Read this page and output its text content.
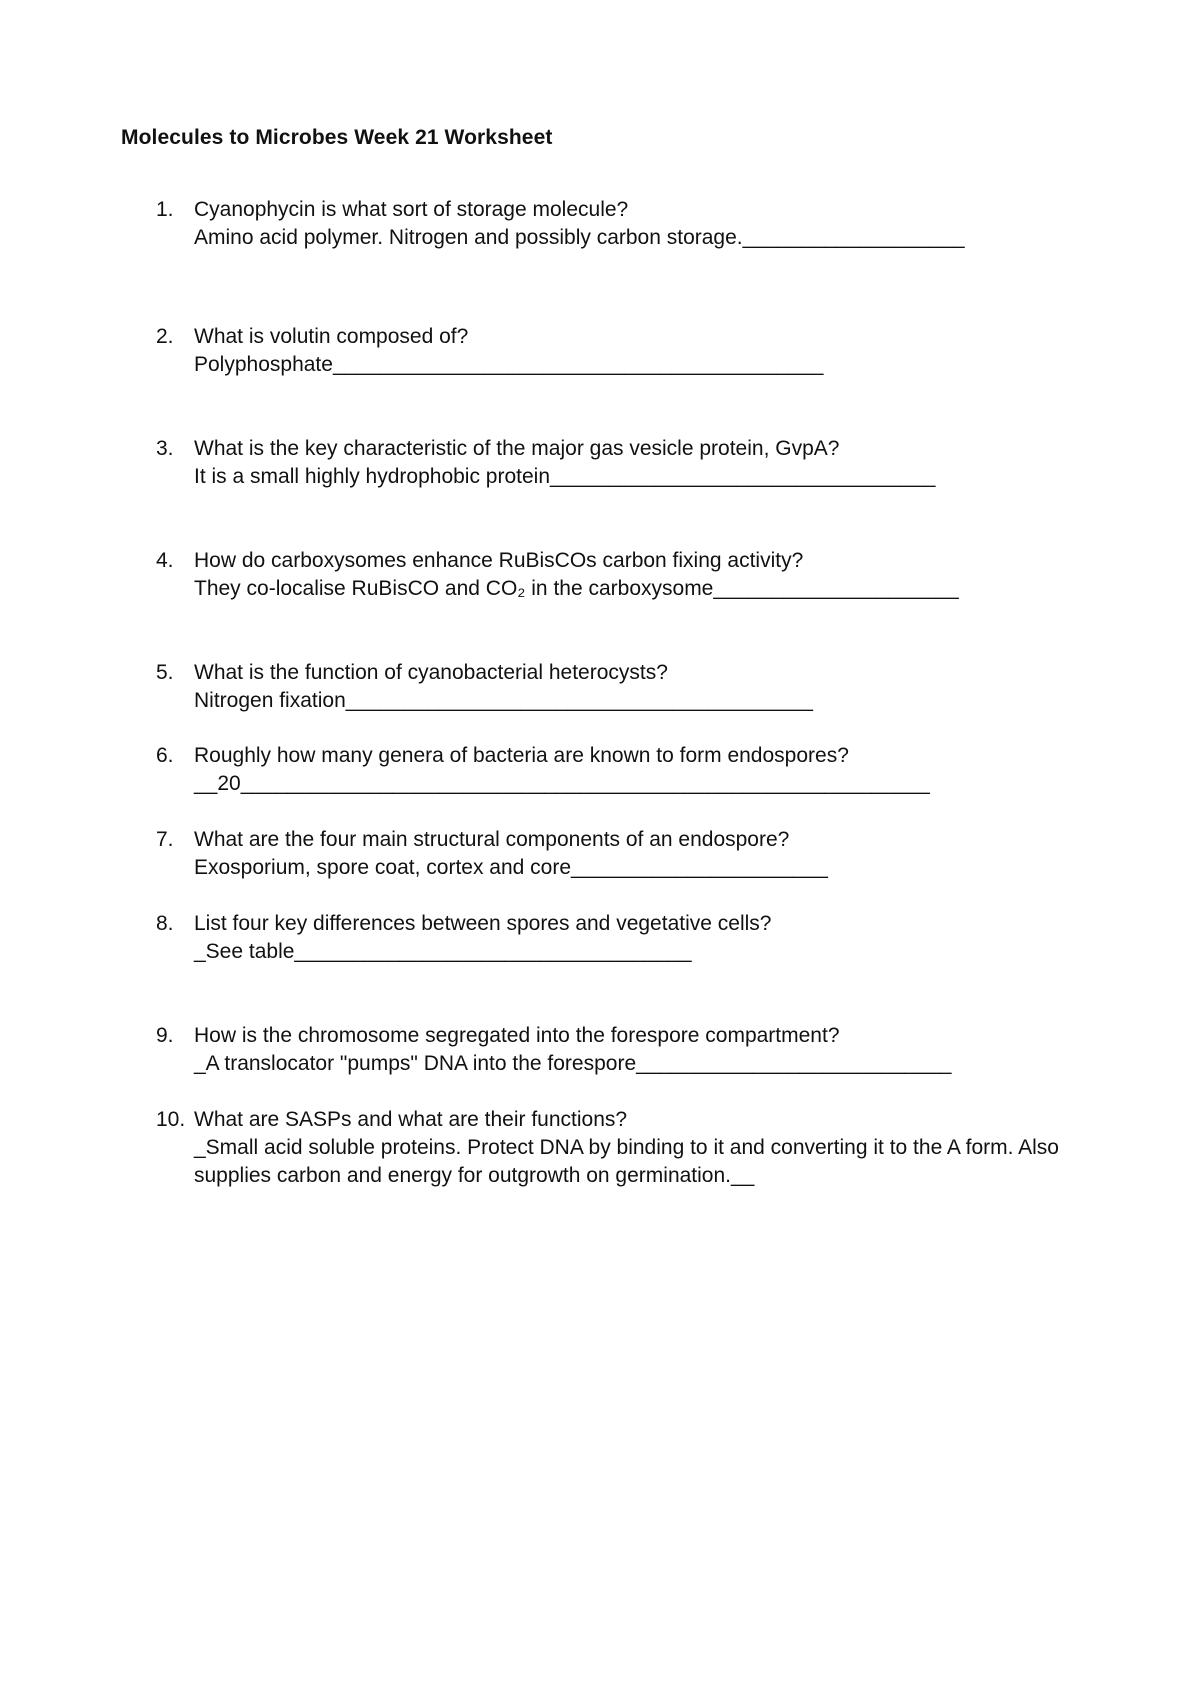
Molecules to Microbes Week 21 Worksheet
1. Cyanophycin is what sort of storage molecule?
Amino acid polymer. Nitrogen and possibly carbon storage.___________________
2. What is volutin composed of?
Polyphosphate__________________________________________
3. What is the key characteristic of the major gas vesicle protein, GvpA?
It is a small highly hydrophobic protein_________________________________
4. How do carboxysomes enhance RuBisCOs carbon fixing activity?
They co-localise RuBisCO and CO₂ in the carboxysome_____________________
5. What is the function of cyanobacterial heterocysts?
Nitrogen fixation________________________________________
6. Roughly how many genera of bacteria are known to form endospores?
__20___________________________________________________________
7. What are the four main structural components of an endospore?
Exosporium, spore coat, cortex and core______________________
8. List four key differences between spores and vegetative cells?
_See table__________________________________
9. How is the chromosome segregated into the forespore compartment?
_A translocator "pumps" DNA into the forespore___________________________
10. What are SASPs and what are their functions?
_Small acid soluble proteins. Protect DNA by binding to it and converting it to the A form. Also supplies carbon and energy for outgrowth on germination.__
